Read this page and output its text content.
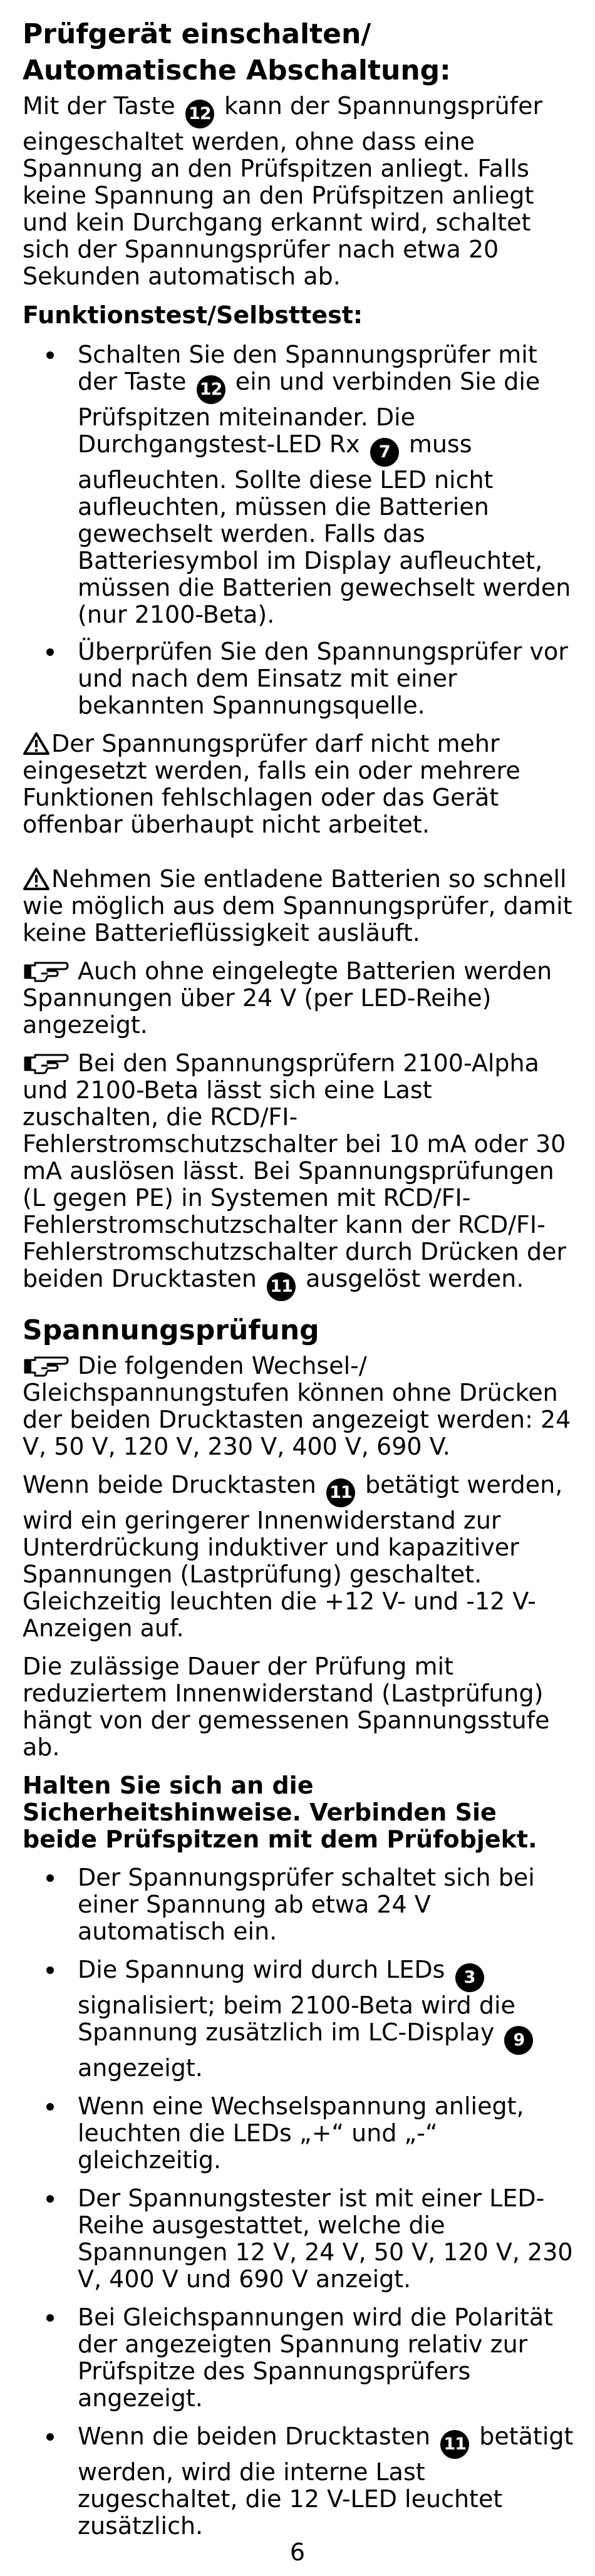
Prüfgerät einschalten/
Automatische Abschaltung:

Mit der Taste 12 kann der Spannungsprüfer eingeschaltet werden, ohne dass eine Spannung an den Prüfspitzen anliegt. Falls keine Spannung an den Prüfspitzen anliegt und kein Durchgang erkannt wird, schaltet sich der Spannungsprüfer nach etwa 20 Sekunden automatisch ab.

Funktionstest/Selbsttest:

Schalten Sie den Spannungsprüfer mit der Taste 12 ein und verbinden Sie die Prüfspitzen miteinander. Die Durchgangstest-LED Rx 7 muss aufleuchten. Sollte diese LED nicht aufleuchten, müssen die Batterien gewechselt werden. Falls das Batteriesymbol im Display aufleuchtet, müssen die Batterien gewechselt werden (nur 2100-Beta).
Überprüfen Sie den Spannungsprüfer vor und nach dem Einsatz mit einer bekannten Spannungsquelle.

Der Spannungsprüfer darf nicht mehr eingesetzt werden, falls ein oder mehrere Funktionen fehlschlagen oder das Gerät offenbar überhaupt nicht arbeitet.

Nehmen Sie entladene Batterien so schnell wie möglich aus dem Spannungsprüfer, damit keine Batterieflüssigkeit ausläuft.

Auch ohne eingelegte Batterien werden Spannungen über 24 V (per LED-Reihe) angezeigt.

Bei den Spannungsprüfern 2100-Alpha und 2100-Beta lässt sich eine Last zuschalten, die RCD/FI-Fehlerstromschutzschalter bei 10 mA oder 30 mA auslösen lässt. Bei Spannungsprüfungen (L gegen PE) in Systemen mit RCD/FI-Fehlerstromschutzschalter kann der RCD/FI-Fehlerstromschutzschalter durch Drücken der beiden Drucktasten 11 ausgelöst werden.

Spannungsprüfung

Die folgenden Wechsel-/ Gleichspannungstufen können ohne Drücken der beiden Drucktasten angezeigt werden: 24 V, 50 V, 120 V, 230 V, 400 V, 690 V.

Wenn beide Drucktasten 11 betätigt werden, wird ein geringerer Innenwiderstand zur Unterdrückung induktiver und kapazitiver Spannungen (Lastprüfung) geschaltet. Gleichzeitig leuchten die +12 V- und -12 V-Anzeigen auf.

Die zulässige Dauer der Prüfung mit reduziertem Innenwiderstand (Lastprüfung) hängt von der gemessenen Spannungsstufe ab.

Halten Sie sich an die Sicherheitshinweise. Verbinden Sie beide Prüfspitzen mit dem Prüfobjekt.

Der Spannungsprüfer schaltet sich bei einer Spannung ab etwa 24 V automatisch ein.
Die Spannung wird durch LEDs 3 signalisiert; beim 2100-Beta wird die Spannung zusätzlich im LC-Display 9 angezeigt.
Wenn eine Wechselspannung anliegt, leuchten die LEDs „+“ und „-“ gleichzeitig.
Der Spannungstester ist mit einer LED-Reihe ausgestattet, welche die Spannungen 12 V, 24 V, 50 V, 120 V, 230 V, 400 V und 690 V anzeigt.
Bei Gleichspannungen wird die Polarität der angezeigten Spannung relativ zur Prüfspitze des Spannungsprüfers angezeigt.
Wenn die beiden Drucktasten 11 betätigt werden, wird die interne Last zugeschaltet, die 12 V-LED leuchtet zusätzlich.
6
